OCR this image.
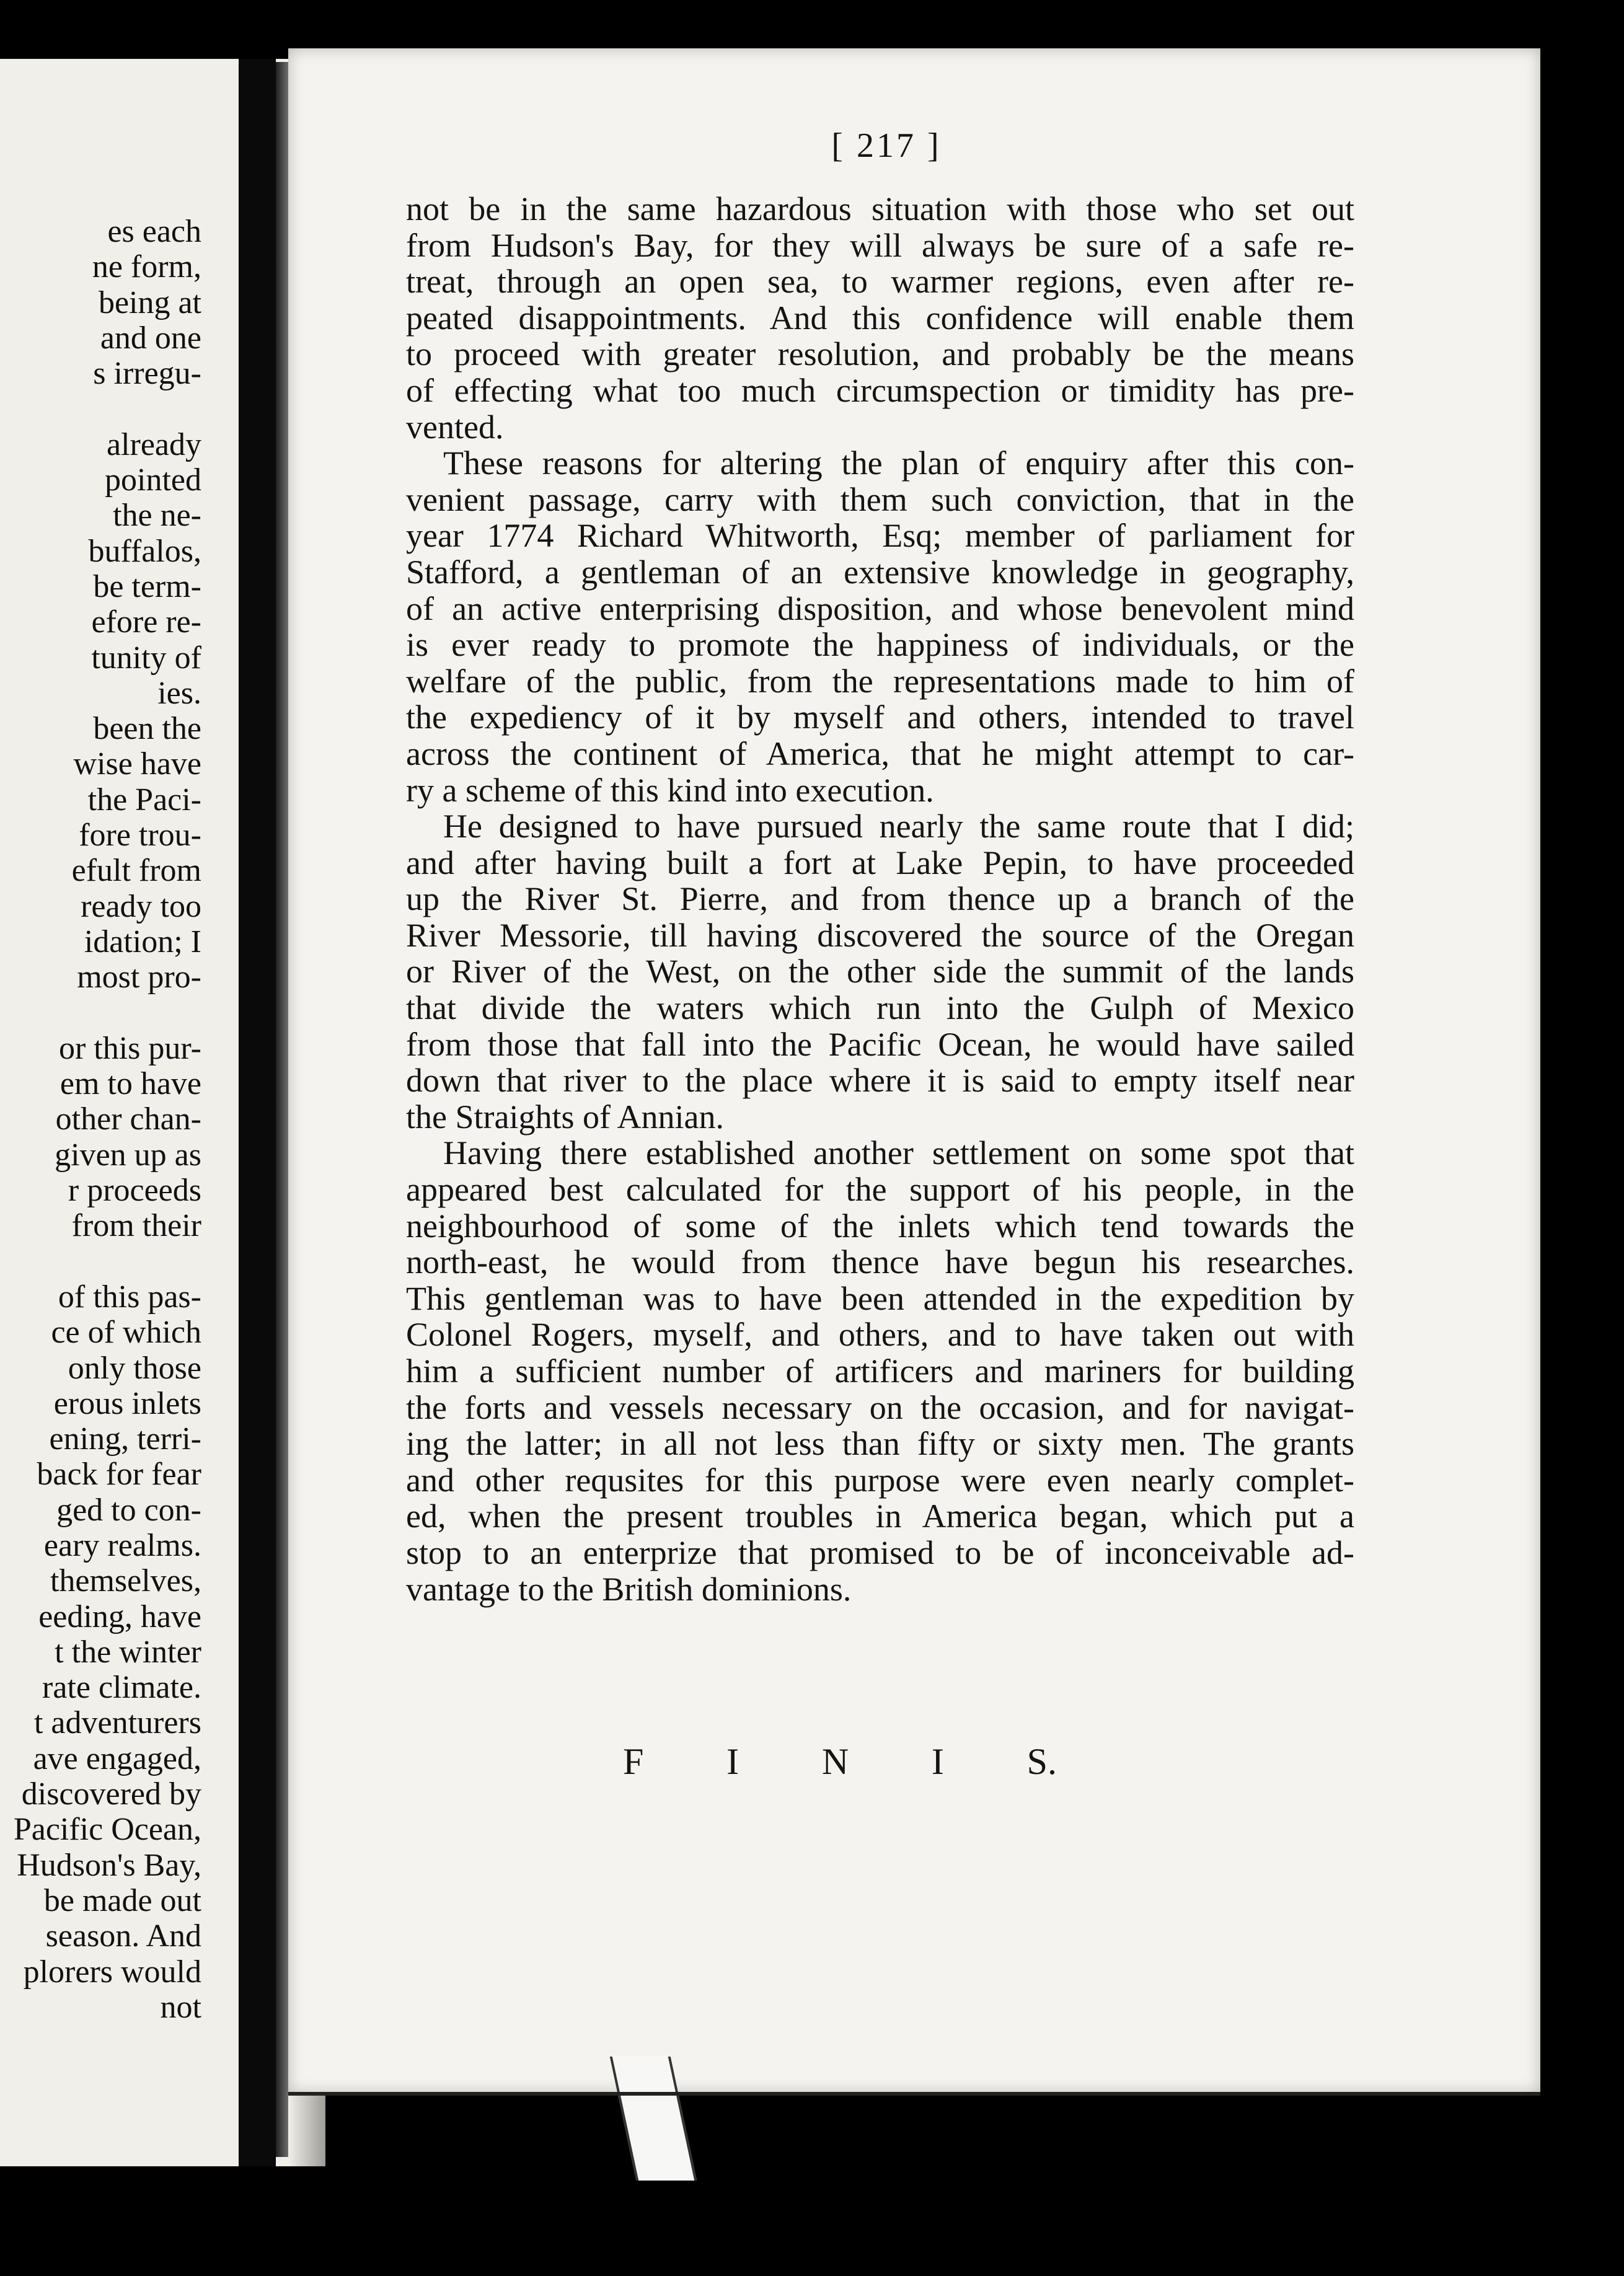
es each
ne form,
being at
and one
s irregu-
already
pointed
the ne-
buffalos,
be term-
efore re-
tunity of
ies.
been the
wise have
the Paci-
fore trou-
efult from
ready too
idation; I
most pro-
or this pur-
em to have
other chan-
given up as
r proceeds
from their
of this pas-
ce of which
only those
erous inlets
ening, terri-
back for fear
ged to con-
eary realms.
themselves,
eeding, have
t the winter
rate climate.
t adventurers
ave engaged,
discovered by
Pacific Ocean,
Hudson's Bay,
be made out
season. And
plorers would
not
[ 217 ]
not be in the same hazardous situation with those who set out
from Hudson's Bay, for they will always be sure of a safe re-
treat, through an open sea, to warmer regions, even after re-
peated disappointments. And this confidence will enable them
to proceed with greater resolution, and probably be the means
of effecting what too much circumspection or timidity has pre-
vented.
These reasons for altering the plan of enquiry after this con-
venient passage, carry with them such conviction, that in the
year 1774 Richard Whitworth, Esq; member of parliament for
Stafford, a gentleman of an extensive knowledge in geography,
of an active enterprising disposition, and whose benevolent mind
is ever ready to promote the happiness of individuals, or the
welfare of the public, from the representations made to him of
the expediency of it by myself and others, intended to travel
across the continent of America, that he might attempt to car-
ry a scheme of this kind into execution.
He designed to have pursued nearly the same route that I did;
and after having built a fort at Lake Pepin, to have proceeded
up the River St. Pierre, and from thence up a branch of the
River Messorie, till having discovered the source of the Oregan
or River of the West, on the other side the summit of the lands
that divide the waters which run into the Gulph of Mexico
from those that fall into the Pacific Ocean, he would have sailed
down that river to the place where it is said to empty itself near
the Straights of Annian.
Having there established another settlement on some spot that
appeared best calculated for the support of his people, in the
neighbourhood of some of the inlets which tend towards the
north-east, he would from thence have begun his researches.
This gentleman was to have been attended in the expedition by
Colonel Rogers, myself, and others, and to have taken out with
him a sufficient number of artificers and mariners for building
the forts and vessels necessary on the occasion, and for navigat-
ing the latter; in all not less than fifty or sixty men. The grants
and other requsites for this purpose were even nearly complet-
ed, when the present troubles in America began, which put a
stop to an enterprize that promised to be of inconceivable ad-
vantage to the British dominions.
F I N I S.
